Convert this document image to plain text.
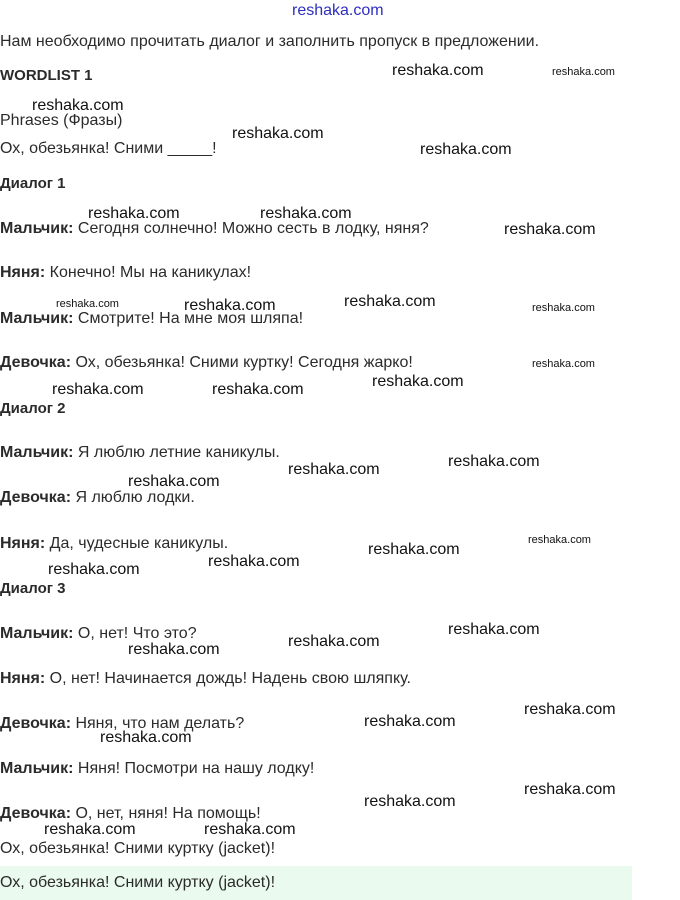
reshaka.com
Нам необходимо прочитать диалог и заполнить пропуск в предложении.
WORDLIST 1
Phrases (Фразы)
Ох, обезьянка! Сними _____!
Диалог 1
Мальчик: Сегодня солнечно! Можно сесть в лодку, няня?
Няня: Конечно! Мы на каникулах!
Мальчик: Смотрите! На мне моя шляпа!
Девочка: Ох, обезьянка! Сними куртку! Сегодня жарко!
Диалог 2
Мальчик: Я люблю летние каникулы.
Девочка: Я люблю лодки.
Няня: Да, чудесные каникулы.
Диалог 3
Мальчик: О, нет! Что это?
Няня: О, нет! Начинается дождь! Надень свою шляпку.
Девочка: Няня, что нам делать?
Мальчик: Няня! Посмотри на нашу лодку!
Девочка: О, нет, няня! На помощь!
Ох, обезьянка! Сними куртку (jacket)!
Ох, обезьянка! Сними куртку (jacket)!
reshaka.com	reshaka.com
reshaka.com
reshaka.com
reshaka.com
reshaka.com	reshaka.com
reshaka.com
reshaka.com	reshaka.com	reshaka.com	reshaka.com
reshaka.com
reshaka.com
reshaka.com	reshaka.com
reshaka.com
reshaka.com
reshaka.com
reshaka.com
reshaka.com
reshaka.com
reshaka.com
reshaka.com
reshaka.com
reshaka.com
reshaka.com
reshaka.com
reshaka.com
reshaka.com
reshaka.com
reshaka.com	reshaka.com
